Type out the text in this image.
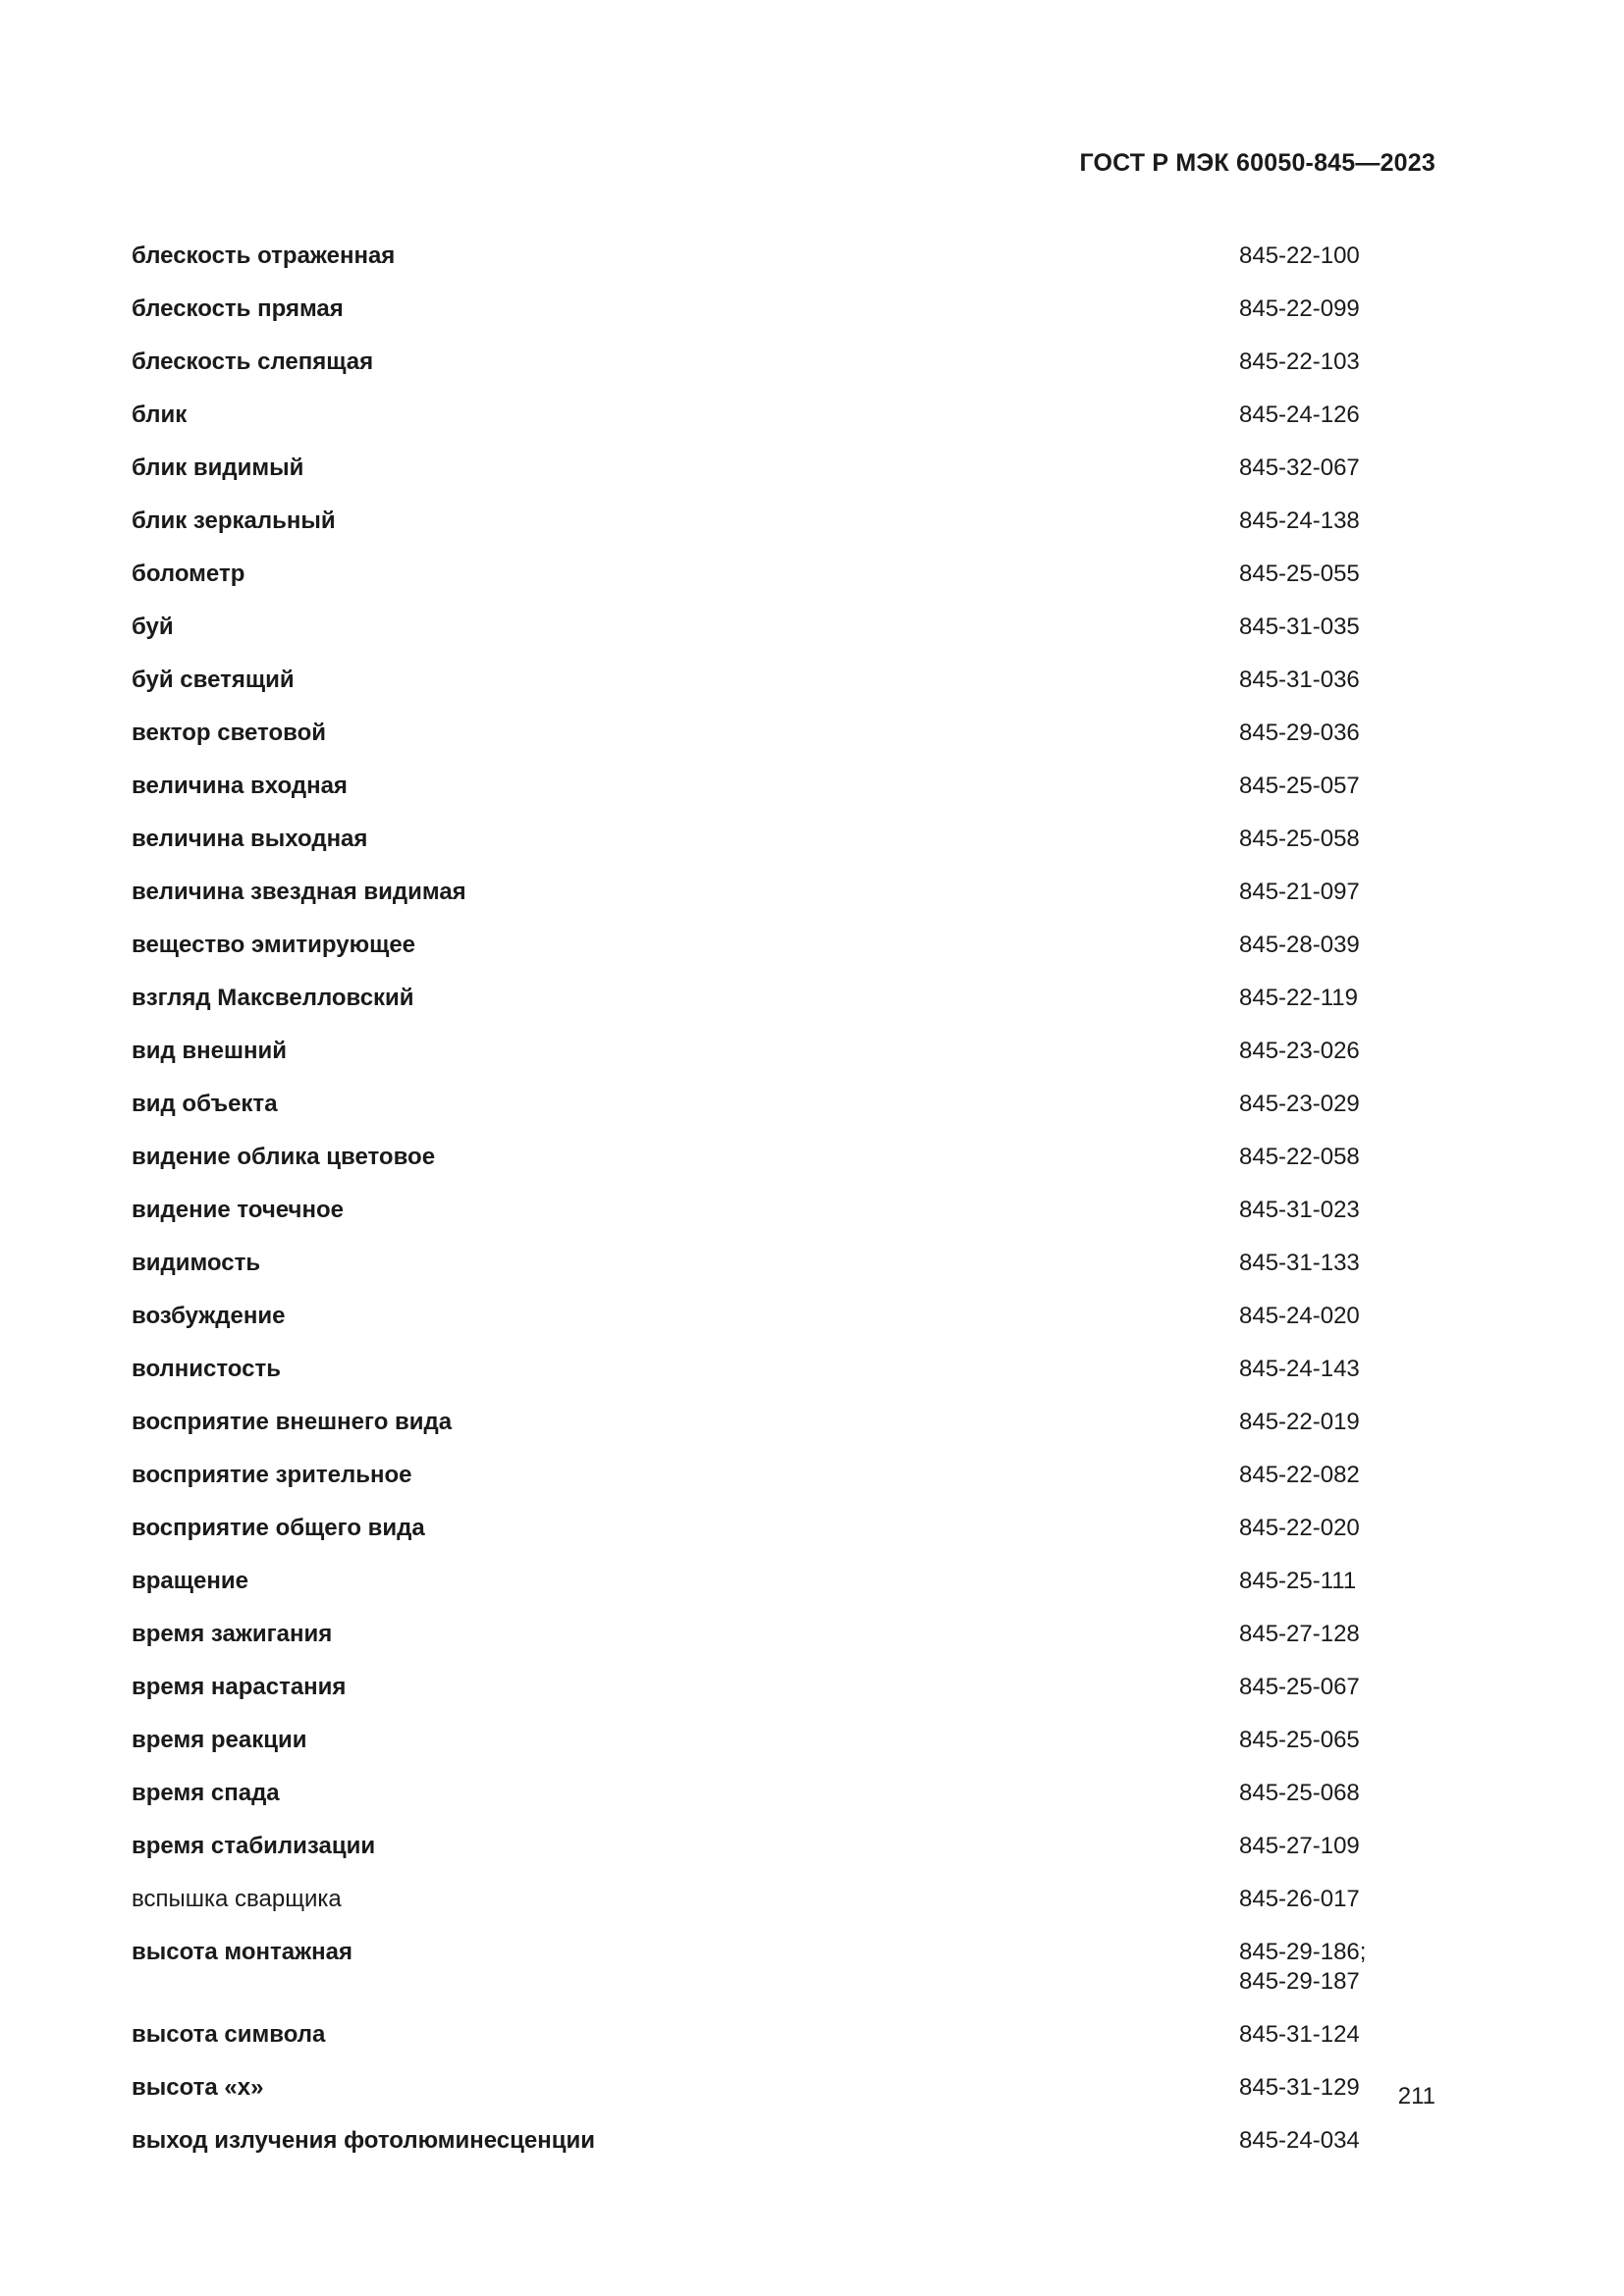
ГОСТ Р МЭК 60050-845—2023
блескость отраженная	845-22-100
блескость прямая	845-22-099
блескость слепящая	845-22-103
блик	845-24-126
блик видимый	845-32-067
блик зеркальный	845-24-138
болометр	845-25-055
буй	845-31-035
буй светящий	845-31-036
вектор световой	845-29-036
величина входная	845-25-057
величина выходная	845-25-058
величина звездная видимая	845-21-097
вещество эмитирующее	845-28-039
взгляд Максвелловский	845-22-119
вид внешний	845-23-026
вид объекта	845-23-029
видение облика цветовое	845-22-058
видение точечное	845-31-023
видимость	845-31-133
возбуждение	845-24-020
волнистость	845-24-143
восприятие внешнего вида	845-22-019
восприятие зрительное	845-22-082
восприятие общего вида	845-22-020
вращение	845-25-111
время зажигания	845-27-128
время нарастания	845-25-067
время реакции	845-25-065
время спада	845-25-068
время стабилизации	845-27-109
вспышка сварщика	845-26-017
высота монтажная	845-29-186;
845-29-187
высота символа	845-31-124
высота «х»	845-31-129
выход излучения фотолюминесценции	845-24-034

211
